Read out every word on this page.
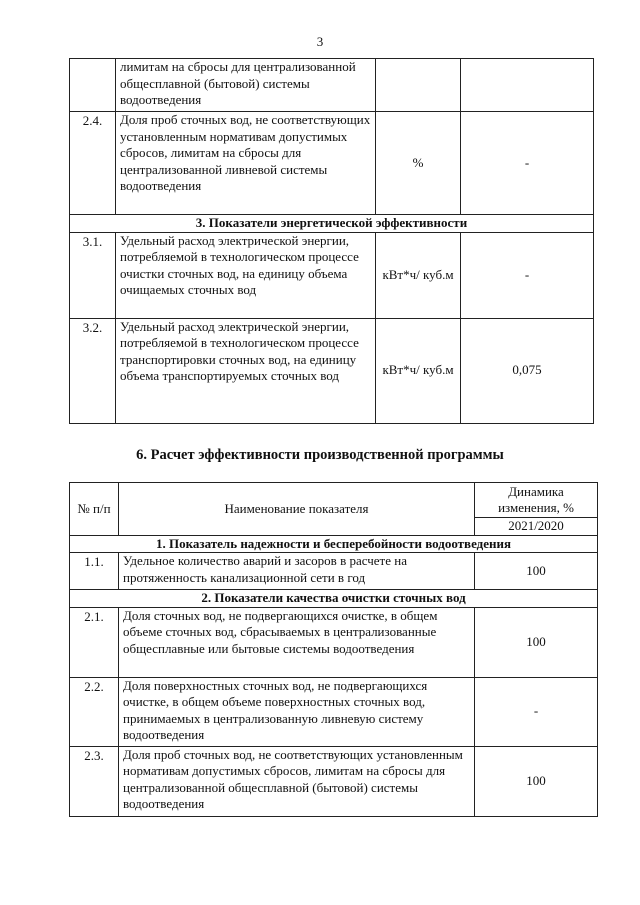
3
	лимитам на сбросы для централизованной общесплавной (бытовой) системы водоотведения		
2.4.	Доля проб сточных вод, не соответствующих установленным нормативам допустимых сбросов, лимитам на сбросы для централизованной ливневой системы водоотведения	%	-
3. Показатели энергетической эффективности			
3.1.	Удельный расход электрической энергии, потребляемой в технологическом процессе очистки сточных вод, на единицу объема очищаемых сточных вод	кВт*ч/ куб.м	-
3.2.	Удельный расход электрической энергии, потребляемой в технологическом процессе транспортировки сточных вод, на единицу объема транспортируемых сточных вод	кВт*ч/ куб.м	0,075
6. Расчет эффективности производственной программы
№ п/п	Наименование показателя	Динамика изменения, %
		2021/2020
1. Показатель надежности и бесперебойности водоотведения		
1.1.	Удельное количество аварий и засоров в расчете на протяженность канализационной сети в год	100
2. Показатели качества очистки сточных вод		
2.1.	Доля сточных вод, не подвергающихся очистке, в общем объеме сточных вод, сбрасываемых в централизованные общесплавные или бытовые системы водоотведения	100
2.2.	Доля поверхностных сточных вод, не подвергающихся очистке, в общем объеме поверхностных сточных вод, принимаемых в централизованную ливневую систему водоотведения	-
2.3.	Доля проб сточных вод, не соответствующих установленным нормативам допустимых сбросов, лимитам на сбросы для централизованной общесплавной (бытовой) системы водоотведения	100
